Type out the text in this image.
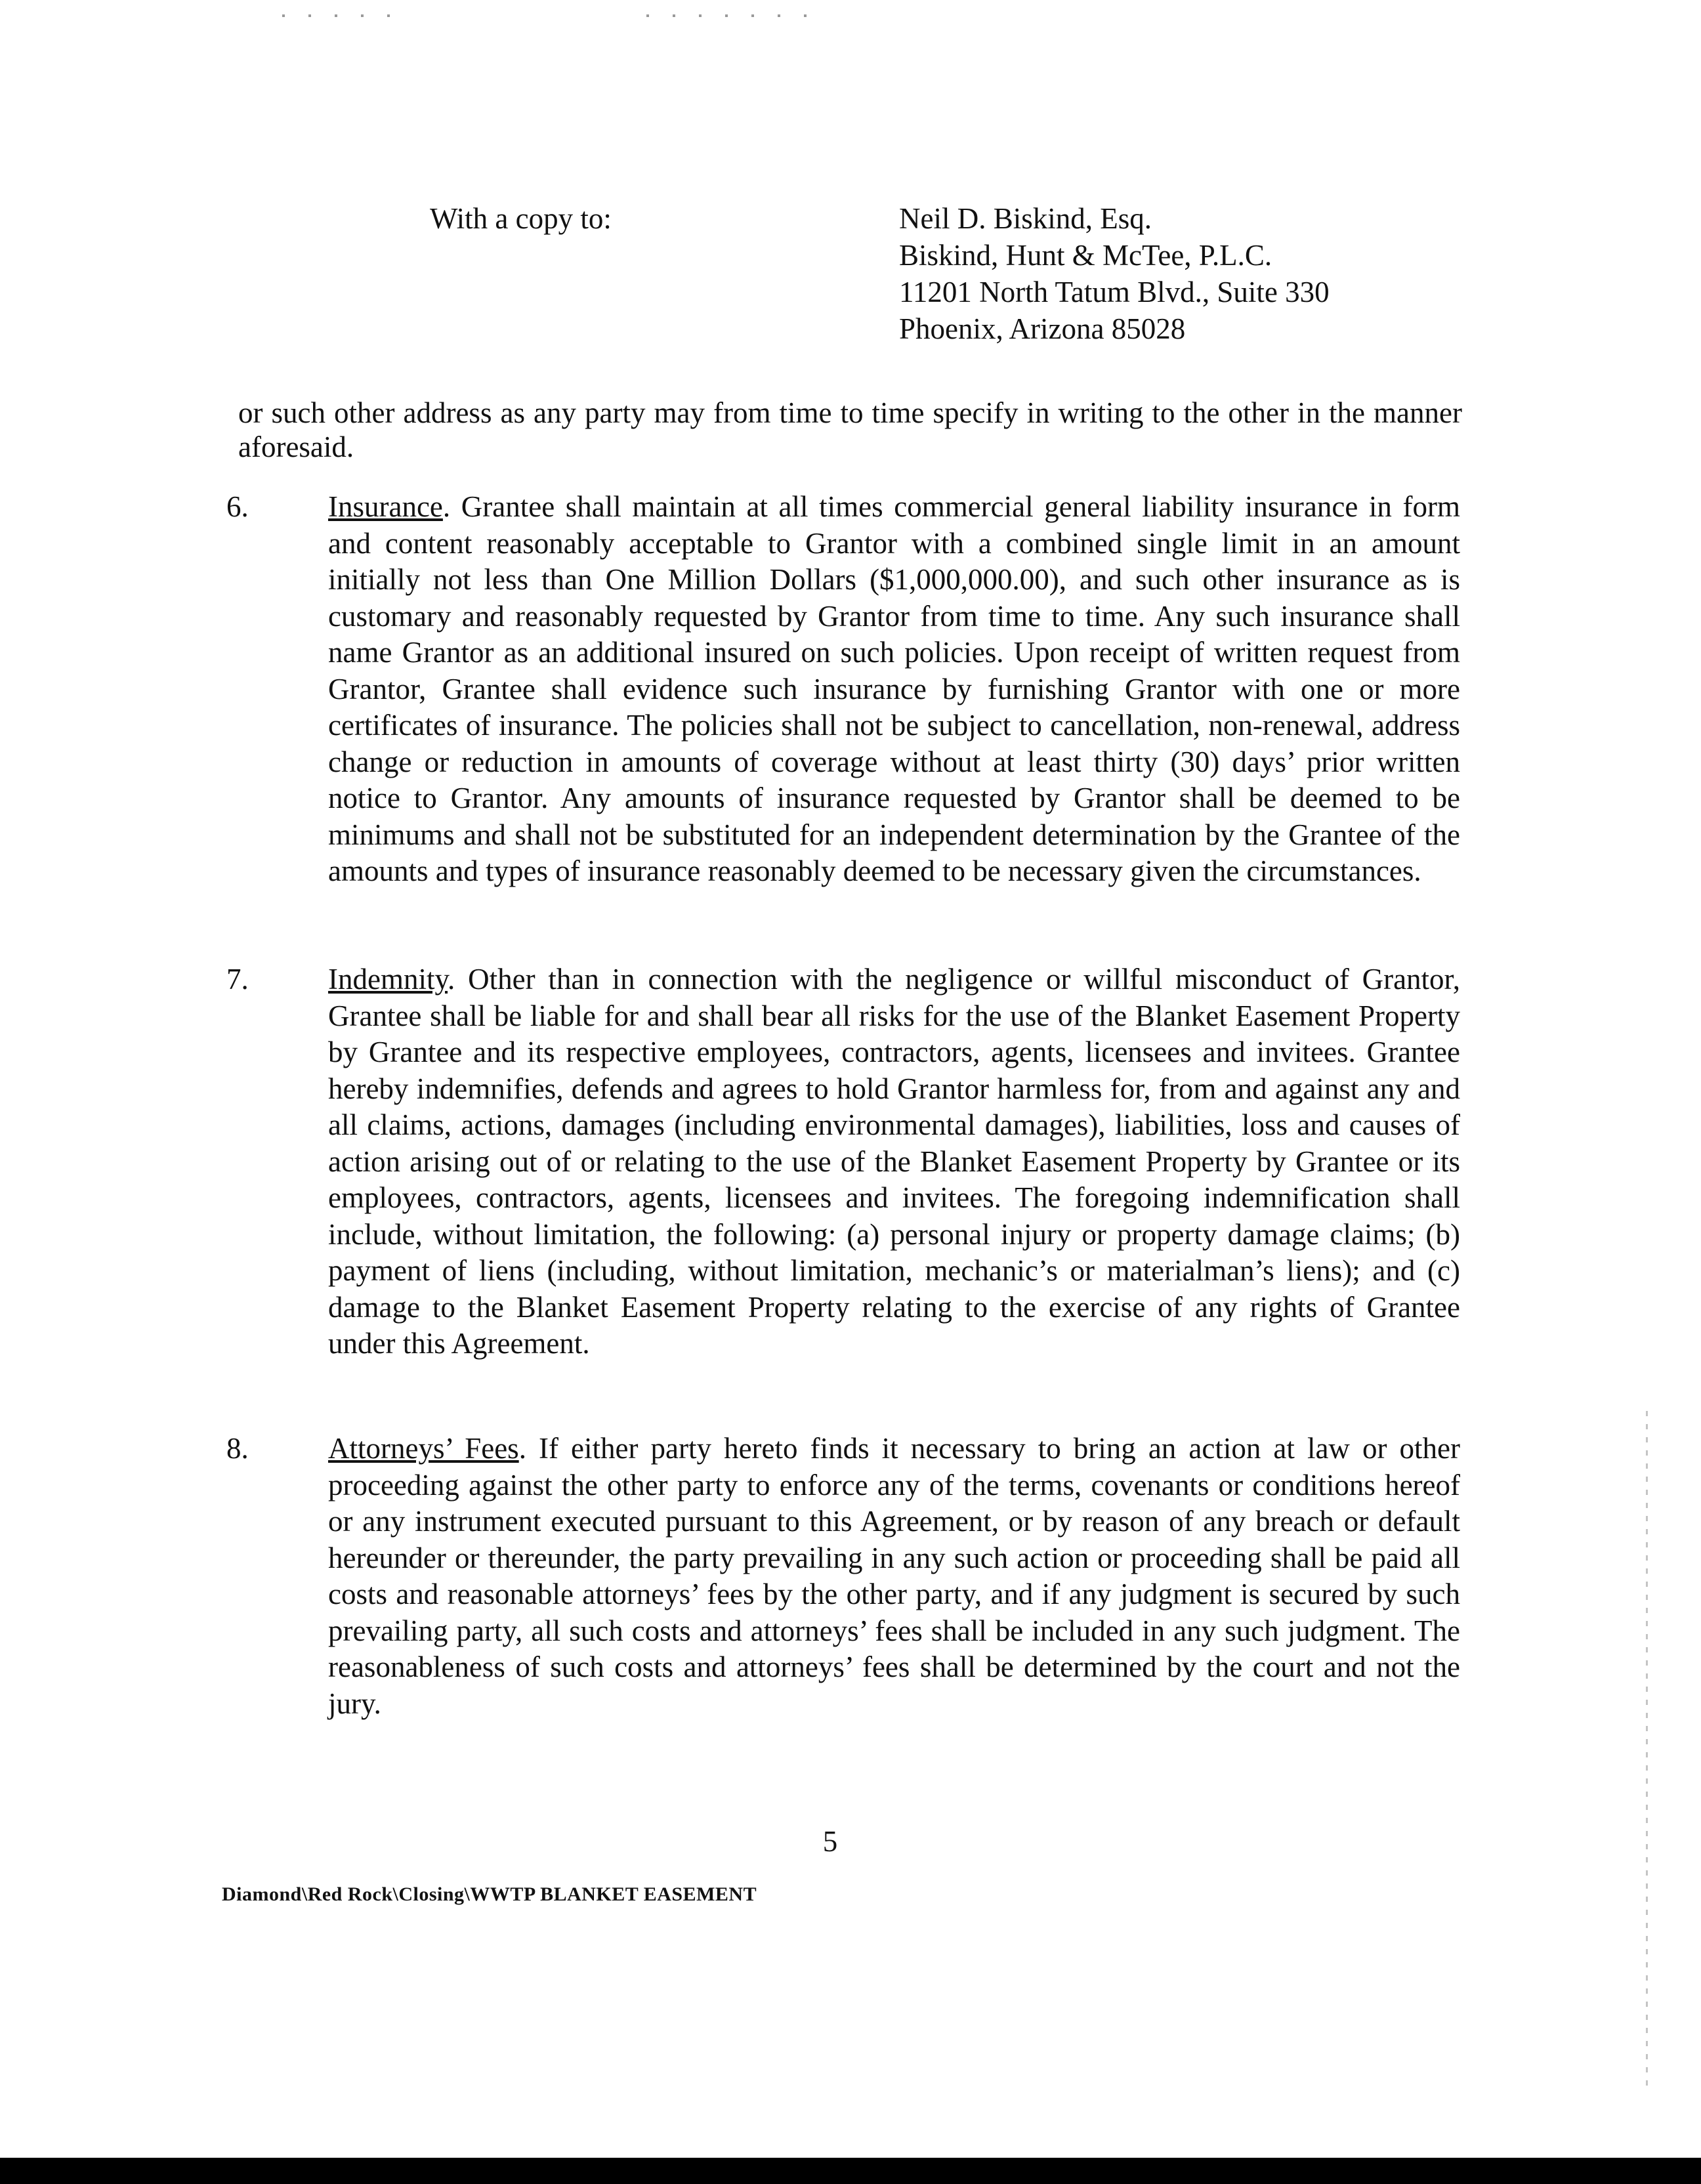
With a copy to:	Neil D. Biskind, Esq.
Biskind, Hunt & McTee, P.L.C.
11201 North Tatum Blvd., Suite 330
Phoenix, Arizona 85028
or such other address as any party may from time to time specify in writing to the other in the manner aforesaid.
6.	Insurance. Grantee shall maintain at all times commercial general liability insurance in form and content reasonably acceptable to Grantor with a combined single limit in an amount initially not less than One Million Dollars ($1,000,000.00), and such other insurance as is customary and reasonably requested by Grantor from time to time. Any such insurance shall name Grantor as an additional insured on such policies. Upon receipt of written request from Grantor, Grantee shall evidence such insurance by furnishing Grantor with one or more certificates of insurance. The policies shall not be subject to cancellation, non-renewal, address change or reduction in amounts of coverage without at least thirty (30) days’ prior written notice to Grantor. Any amounts of insurance requested by Grantor shall be deemed to be minimums and shall not be substituted for an independent determination by the Grantee of the amounts and types of insurance reasonably deemed to be necessary given the circumstances.
7.	Indemnity. Other than in connection with the negligence or willful misconduct of Grantor, Grantee shall be liable for and shall bear all risks for the use of the Blanket Easement Property by Grantee and its respective employees, contractors, agents, licensees and invitees. Grantee hereby indemnifies, defends and agrees to hold Grantor harmless for, from and against any and all claims, actions, damages (including environmental damages), liabilities, loss and causes of action arising out of or relating to the use of the Blanket Easement Property by Grantee or its employees, contractors, agents, licensees and invitees. The foregoing indemnification shall include, without limitation, the following: (a) personal injury or property damage claims; (b) payment of liens (including, without limitation, mechanic’s or materialman’s liens); and (c) damage to the Blanket Easement Property relating to the exercise of any rights of Grantee under this Agreement.
8.	Attorneys’ Fees. If either party hereto finds it necessary to bring an action at law or other proceeding against the other party to enforce any of the terms, covenants or conditions hereof or any instrument executed pursuant to this Agreement, or by reason of any breach or default hereunder or thereunder, the party prevailing in any such action or proceeding shall be paid all costs and reasonable attorneys’ fees by the other party, and if any judgment is secured by such prevailing party, all such costs and attorneys’ fees shall be included in any such judgment. The reasonableness of such costs and attorneys’ fees shall be determined by the court and not the jury.
5
Diamond\Red Rock\Closing\WWTP BLANKET EASEMENT
